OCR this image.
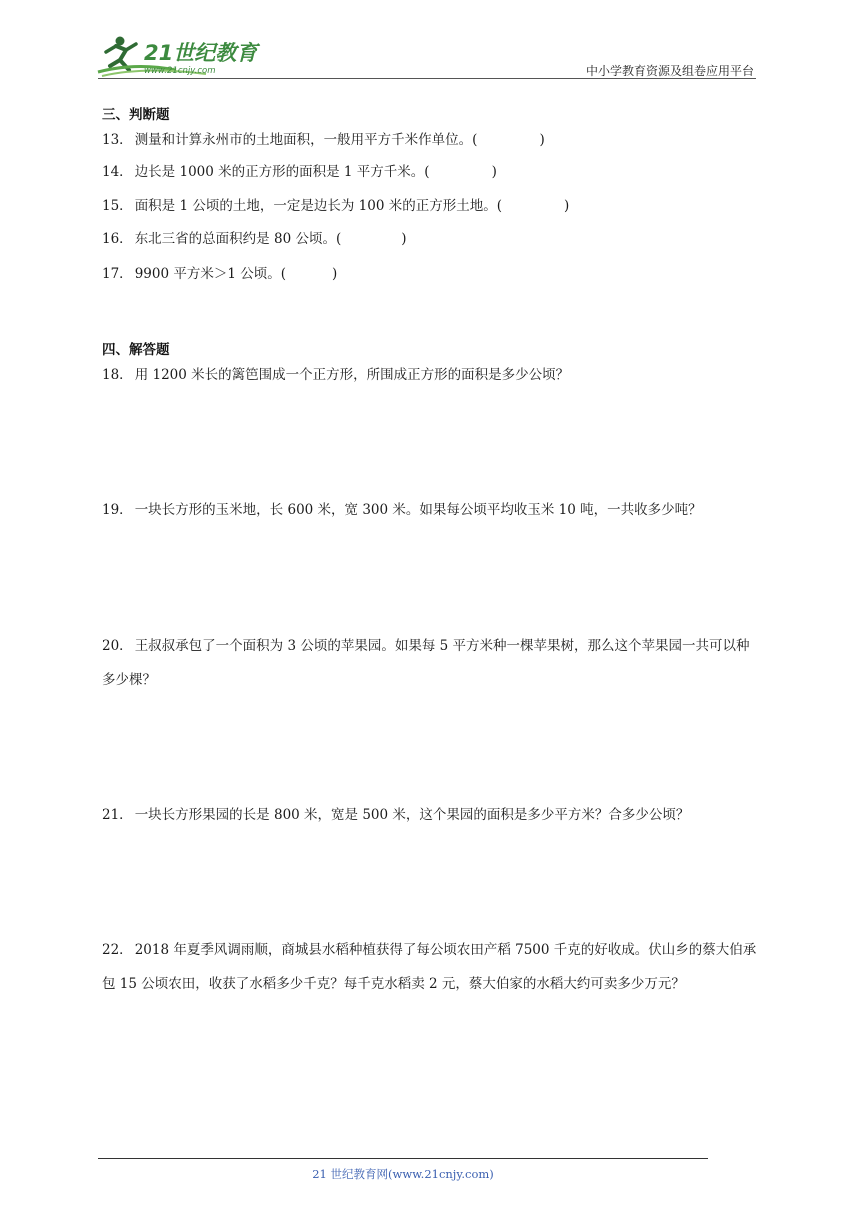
21世纪教育
www.21cnjy.com	中小学教育资源及组卷应用平台
三、判断题
13． 测量和计算永州市的土地面积，一般用平方千米作单位。(	)
14． 边长是 1000 米的正方形的面积是 1 平方千米。(	)
15． 面积是 1 公顷的土地，一定是边长为 100 米的正方形土地。(	)
16． 东北三省的总面积约是 80 公顷。(	)
17． 9900 平方米＞1 公顷。(	)
四、解答题
18． 用 1200 米长的篱笆围成一个正方形，所围成正方形的面积是多少公顷？
19． 一块长方形的玉米地，长 600 米，宽 300 米。如果每公顷平均收玉米 10 吨，一共收多少吨？
20． 王叔叔承包了一个面积为 3 公顷的苹果园。如果每 5 平方米种一棵苹果树，那么这个苹果园一共可以种多少棵？
21． 一块长方形果园的长是 800 米，宽是 500 米，这个果园的面积是多少平方米？合多少公顷？
22． 2018 年夏季风调雨顺，商城县水稻种植获得了每公顷农田产稻 7500 千克的好收成。伏山乡的蔡大伯承包 15 公顷农田，收获了水稻多少千克？每千克水稻卖 2 元，蔡大伯家的水稻大约可卖多少万元？
21 世纪教育网(www.21cnjy.com)
